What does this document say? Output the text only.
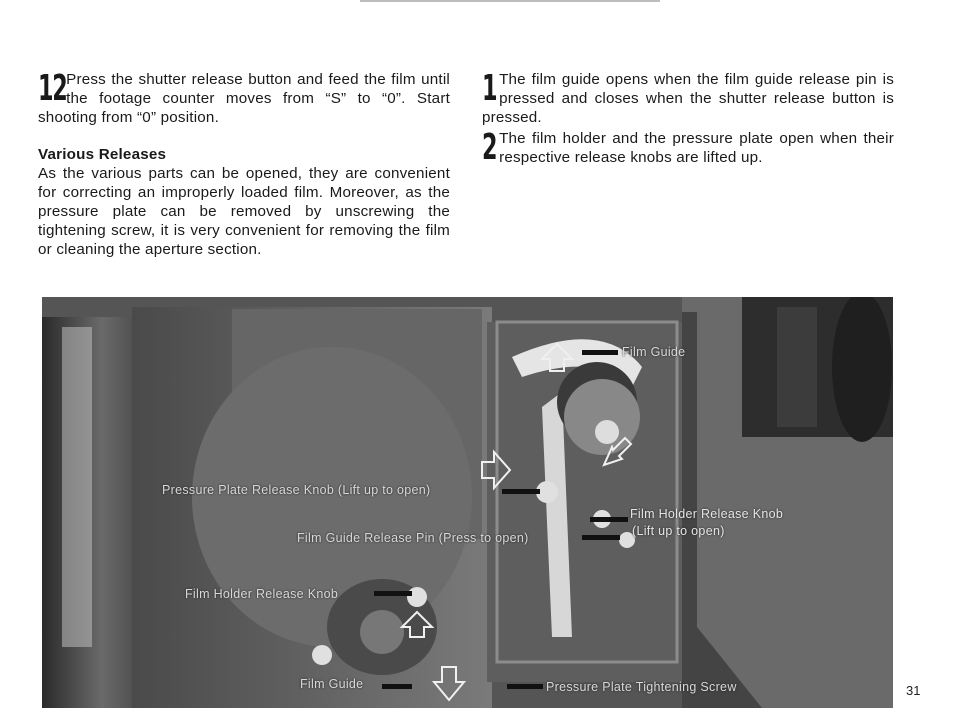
12 Press the shutter release button and feed the film until the footage counter moves from “S” to “0”. Start shooting from “0” position.

Various Releases

As the various parts can be opened, they are convenient for correcting an improperly loaded film. Moreover, as the pressure plate can be removed by unscrewing the tightening screw, it is very convenient for removing the film or cleaning the aperture section.

1 The film guide opens when the film guide release pin is pressed and closes when the shutter release button is pressed.

2 The film holder and the pressure plate open when their respective release knobs are lifted up.

Film Guide
Pressure Plate Release Knob (Lift up to open)
Film Holder Release Knob
(Lift up to open)
Film Guide Release Pin (Press to open)
Film Holder Release Knob
Film Guide	Pressure Plate Tightening Screw	31
